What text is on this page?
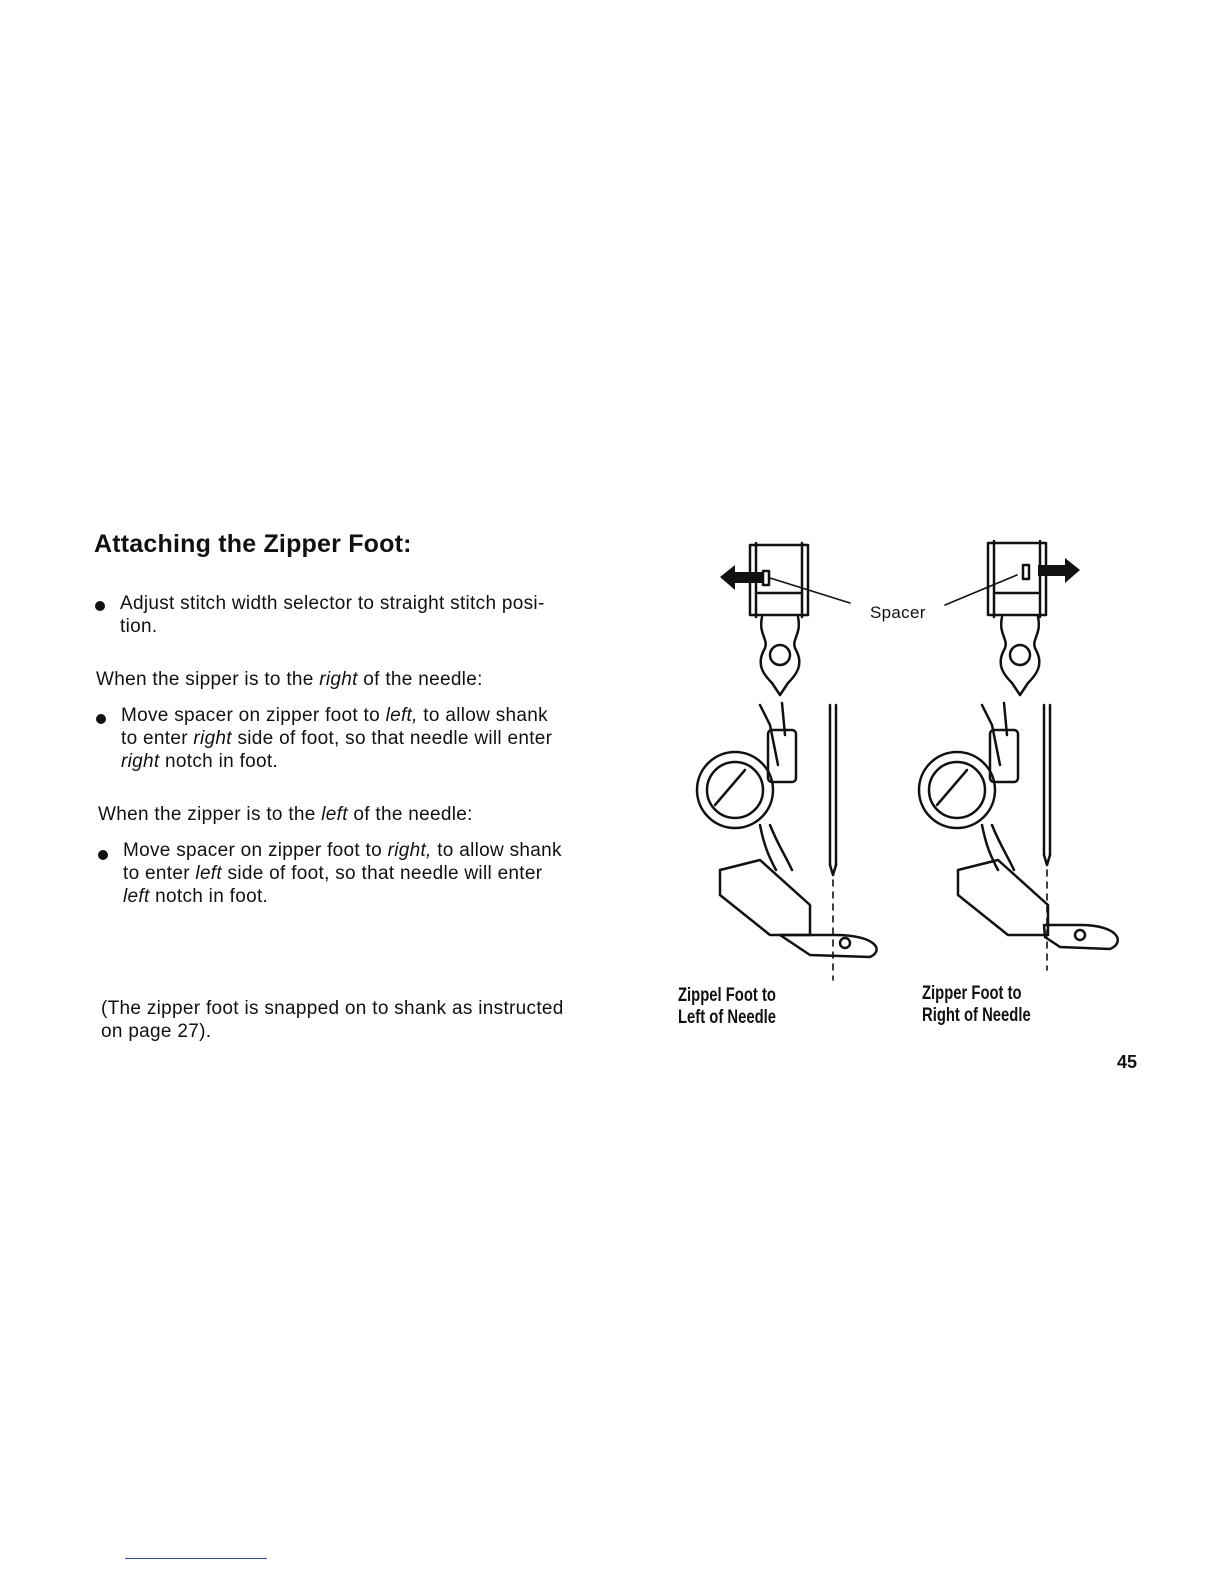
Attaching the Zipper Foot:

Adjust stitch width selector to straight stitch posi-
tion.

When the sipper is to the right of the needle:

Move spacer on zipper foot to left, to allow shank
to enter right side of foot, so that needle will enter
right notch in foot.

When the zipper is to the left of the needle:

Move spacer on zipper foot to right, to allow shank
to enter left side of foot, so that needle will enter
left notch in foot.
(The zipper foot is snapped on to shank as instructed
on page 27).

Spacer

Zippel Foot to
Left of Needle
Zipper Foot to
Right of Needle

45
